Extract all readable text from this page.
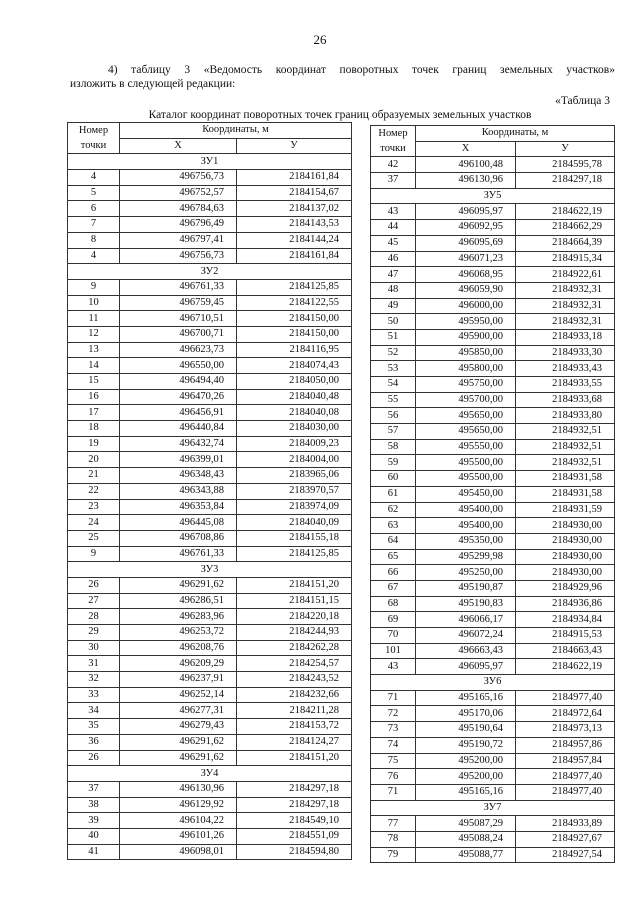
26
4) таблицу 3 «Ведомость координат поворотных точек границ земельных участков»
изложить в следующей редакции:
«Таблица 3
Каталог координат поворотных точек границ образуемых земельных участков
Номер	Координаты, м	
точки	X	У
ЗУ1		
4	496756,73	2184161,84
5	496752,57	2184154,67
6	496784,63	2184137,02
7	496796,49	2184143,53
8	496797,41	2184144,24
4	496756,73	2184161,84
ЗУ2		
9	496761,33	2184125,85
10	496759,45	2184122,55
11	496710,51	2184150,00
12	496700,71	2184150,00
13	496623,73	2184116,95
14	496550,00	2184074,43
15	496494,40	2184050,00
16	496470,26	2184040,48
17	496456,91	2184040,08
18	496440,84	2184030,00
19	496432,74	2184009,23
20	496399,01	2184004,00
21	496348,43	2183965,06
22	496343,88	2183970,57
23	496353,84	2183974,09
24	496445,08	2184040,09
25	496708,86	2184155,18
9	496761,33	2184125,85
ЗУ3		
26	496291,62	2184151,20
27	496286,51	2184151,15
28	496283,96	2184220,18
29	496253,72	2184244,93
30	496208,76	2184262,28
31	496209,29	2184254,57
32	496237,91	2184243,52
33	496252,14	2184232,66
34	496277,31	2184211,28
35	496279,43	2184153,72
36	496291,62	2184124,27
26	496291,62	2184151,20
ЗУ4		
37	496130,96	2184297,18
38	496129,92	2184297,18
39	496104,22	2184549,10
40	496101,26	2184551,09
41	496098,01	2184594,80
Номер	Координаты, м	
точки	X	У
42	496100,48	2184595,78
37	496130,96	2184297,18
ЗУ5		
43	496095,97	2184622,19
44	496092,95	2184662,29
45	496095,69	2184664,39
46	496071,23	2184915,34
47	496068,95	2184922,61
48	496059,90	2184932,31
49	496000,00	2184932,31
50	495950,00	2184932,31
51	495900,00	2184933,18
52	495850,00	2184933,30
53	495800,00	2184933,43
54	495750,00	2184933,55
55	495700,00	2184933,68
56	495650,00	2184933,80
57	495650,00	2184932,51
58	495550,00	2184932,51
59	495500,00	2184932,51
60	495500,00	2184931,58
61	495450,00	2184931,58
62	495400,00	2184931,59
63	495400,00	2184930,00
64	495350,00	2184930,00
65	495299,98	2184930,00
66	495250,00	2184930,00
67	495190,87	2184929,96
68	495190,83	2184936,86
69	496066,17	2184934,84
70	496072,24	2184915,53
101	496663,43	2184663,43
43	496095,97	2184622,19
ЗУ6		
71	495165,16	2184977,40
72	495170,06	2184972,64
73	495190,64	2184973,13
74	495190,72	2184957,86
75	495200,00	2184957,84
76	495200,00	2184977,40
71	495165,16	2184977,40
ЗУ7		
77	495087,29	2184933,89
78	495088,24	2184927,67
79	495088,77	2184927,54
